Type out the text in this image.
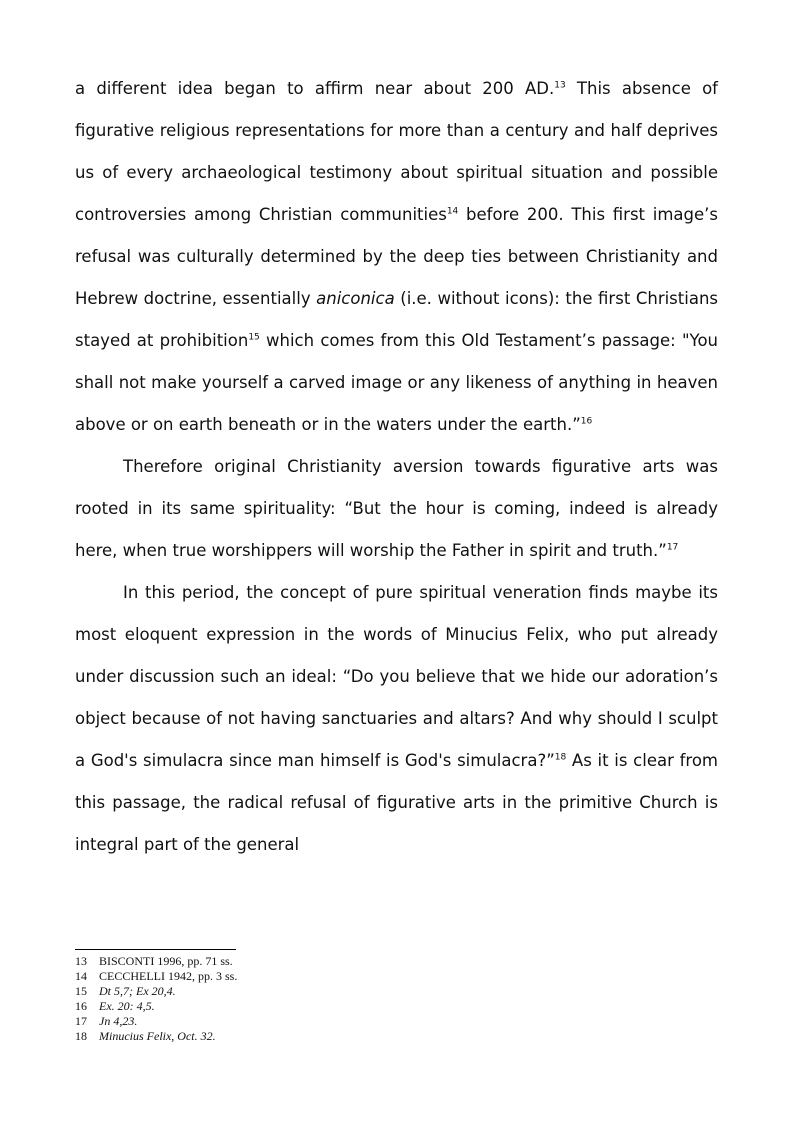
a different idea began to affirm near about 200 AD.$^{13}$ This absence of figurative religious representations for more than a century and half deprives us of every archaeological testimony about spiritual situation and possible controversies among Christian communities$^{14}$ before 200. This first image’s refusal was culturally determined by the deep ties between Christianity and Hebrew doctrine, essentially aniconica (i.e. without icons): the first Christians stayed at prohibition$^{15}$ which comes from this Old Testament’s passage: "You shall not make yourself a carved image or any likeness of anything in heaven above or on earth beneath or in the waters under the earth.”$^{16}$

Therefore original Christianity aversion towards figurative arts was rooted in its same spirituality: “But the hour is coming, indeed is already here, when true worshippers will worship the Father in spirit and truth.”$^{17}$

In this period, the concept of pure spiritual veneration finds maybe its most eloquent expression in the words of Minucius Felix, who put already under discussion such an ideal: “Do you believe that we hide our adoration’s object because of not having sanctuaries and altars? And why should I sculpt a God's simulacra since man himself is God's simulacra?”$^{18}$ As it is clear from this passage, the radical refusal of figurative arts in the primitive Church is integral part of the general

13	BISCONTI 1996, pp. 71 ss.
14	CECCHELLI 1942, pp. 3 ss.
15	Dt 5,7; Ex 20,4.
16	Ex. 20: 4,5.
17	Jn 4,23.
18	Minucius Felix, Oct. 32.
